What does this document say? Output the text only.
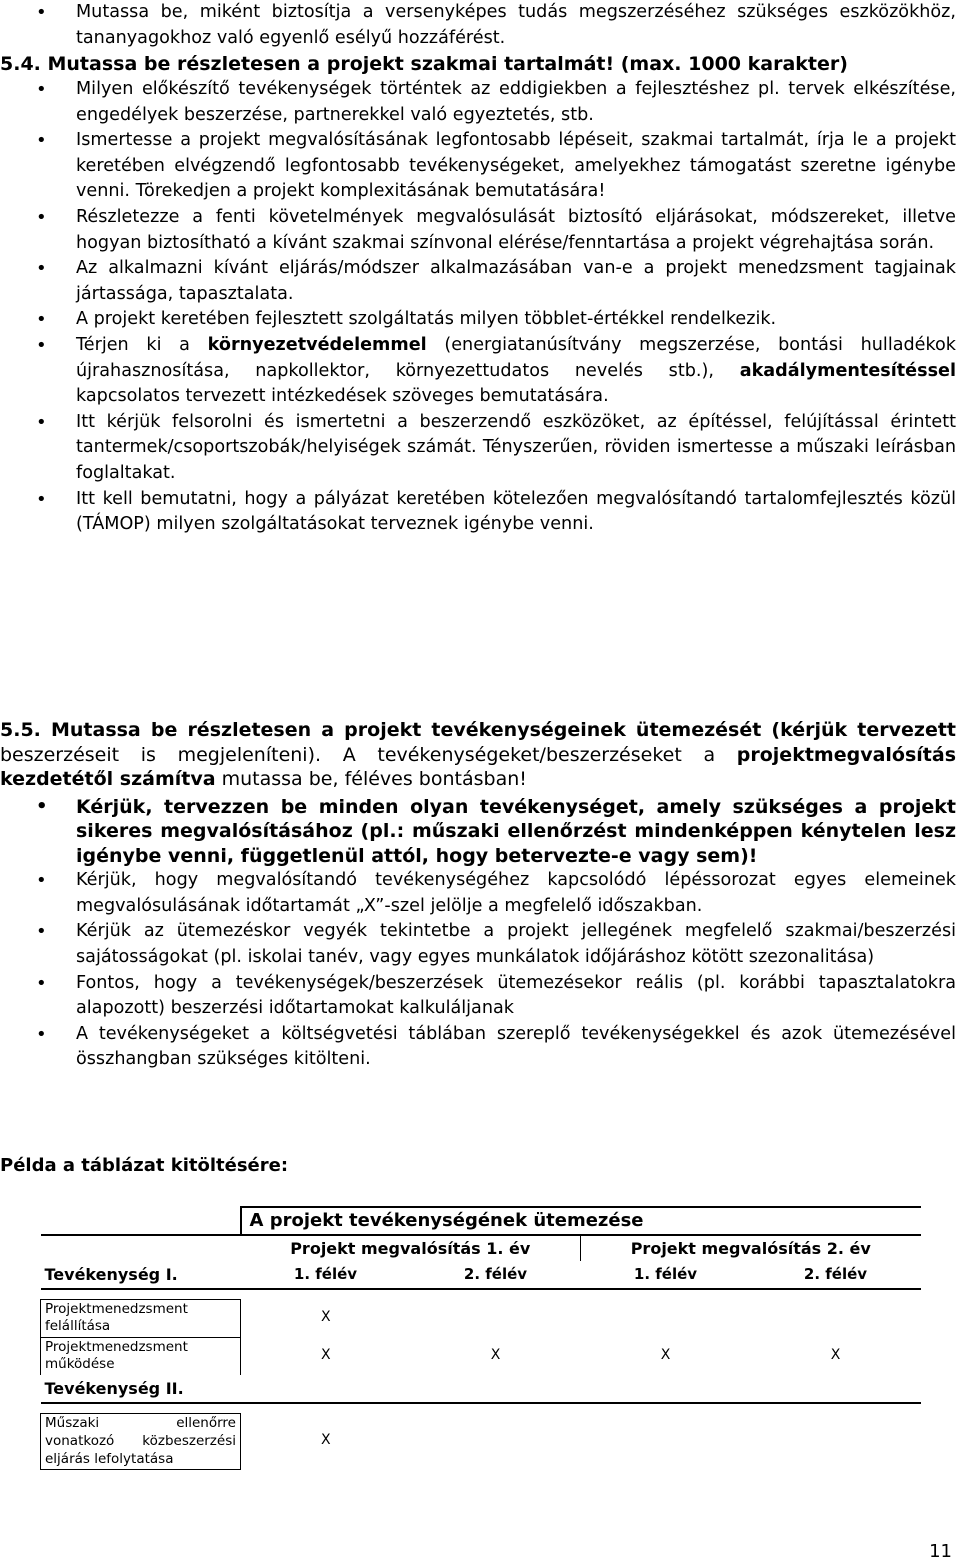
• Mutassa be, miként biztosítja a versenyképes tudás megszerzéséhez szükséges eszközökhöz, tananyagokhoz való egyenlő esélyű hozzáférést.
5.4. Mutassa be részletesen a projekt szakmai tartalmát! (max. 1000 karakter)
• Milyen előkészítő tevékenységek történtek az eddigiekben a fejlesztéshez pl. tervek elkészítése, engedélyek beszerzése, partnerekkel való egyeztetés, stb.
• Ismertesse a projekt megvalósításának legfontosabb lépéseit, szakmai tartalmát, írja le a projekt keretében elvégzendő legfontosabb tevékenységeket, amelyekhez támogatást szeretne igénybe venni. Törekedjen a projekt komplexitásának bemutatására!
• Részletezze a fenti követelmények megvalósulását biztosító eljárásokat, módszereket, illetve hogyan biztosítható a kívánt szakmai színvonal elérése/fenntartása a projekt végrehajtása során.
• Az alkalmazni kívánt eljárás/módszer alkalmazásában van-e a projekt menedzsment tagjainak jártassága, tapasztalata.
• A projekt keretében fejlesztett szolgáltatás milyen többlet-értékkel rendelkezik.
• Térjen ki a környezetvédelemmel (energiatanúsítvány megszerzése, bontási hulladékok újrahasznosítása, napkollektor, környezettudatos nevelés stb.), akadálymentesítéssel kapcsolatos tervezett intézkedések szöveges bemutatására.
• Itt kérjük felsorolni és ismertetni a beszerzendő eszközöket, az építéssel, felújítással érintett tantermek/csoportszobák/helyiségek számát. Tényszerűen, röviden ismertesse a műszaki leírásban foglaltakat.
• Itt kell bemutatni, hogy a pályázat keretében kötelezően megvalósítandó tartalomfejlesztés közül (TÁMOP) milyen szolgáltatásokat terveznek igénybe venni.
5.5. Mutassa be részletesen a projekt tevékenységeinek ütemezését (kérjük tervezett beszerzéseit is megjeleníteni). A tevékenységeket/beszerzéseket a projektmegvalósítás kezdetétől számítva mutassa be, féléves bontásban!
• Kérjük, tervezzen be minden olyan tevékenységet, amely szükséges a projekt sikeres megvalósításához (pl.: műszaki ellenőrzést mindenképpen kénytelen lesz igénybe venni, függetlenül attól, hogy betervezte-e vagy sem)!
• Kérjük, hogy megvalósítandó tevékenységéhez kapcsolódó lépéssorozat egyes elemeinek megvalósulásának időtartamát „X”-szel jelölje a megfelelő időszakban.
• Kérjük az ütemezéskor vegyék tekintetbe a projekt jellegének megfelelő szakmai/beszerzési sajátosságokat (pl. iskolai tanév, vagy egyes munkálatok időjáráshoz kötött szezonalitása)
• Fontos, hogy a tevékenységek/beszerzések ütemezésekor reális (pl. korábbi tapasztalatokra alapozott) beszerzési időtartamokat kalkuláljanak
• A tevékenységeket a költségvetési táblában szereplő tevékenységekkel és azok ütemezésével összhangban szükséges kitölteni.
Példa a táblázat kitöltésére:
	A projekt tevékenységének ütemezése			
	Projekt megvalósítás 1. év		Projekt megvalósítás 2. év	
Tevékenység I.	1. félév	2. félév	1. félév	2. félév

Projektmenedzsment felállítása	X			
Projektmenedzsment működése	X	X	X	X
Tevékenység II.				

Műszaki ellenőrre vonatkozó közbeszerzési eljárás lefolytatása	X			
11
